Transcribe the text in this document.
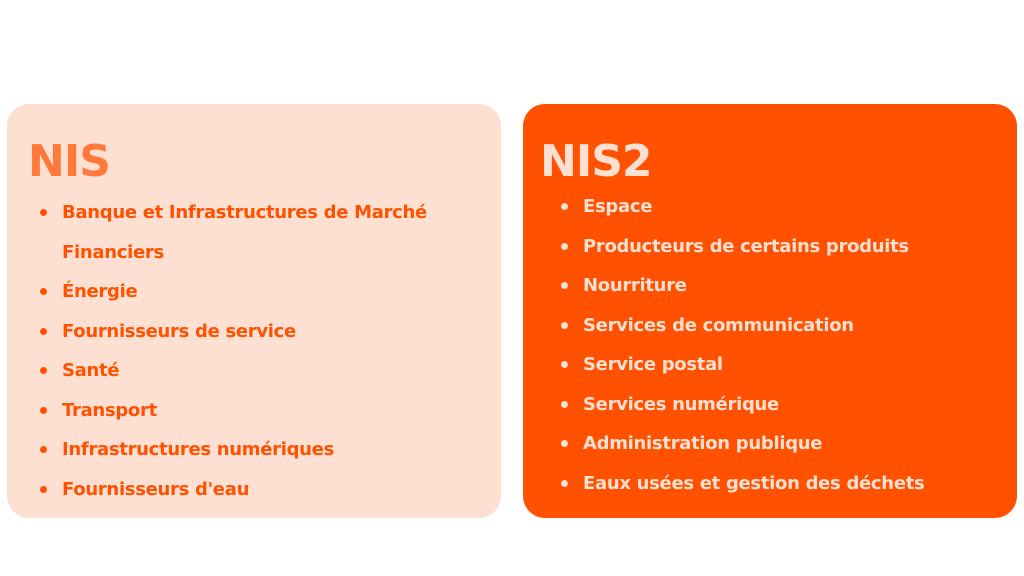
NIS
Banque et Infrastructures de Marché Financiers
Énergie
Fournisseurs de service
Santé
Transport
Infrastructures numériques
Fournisseurs d'eau
NIS2
Espace
Producteurs de certains produits
Nourriture
Services de communication
Service postal
Services numérique
Administration publique
Eaux usées et gestion des déchets
